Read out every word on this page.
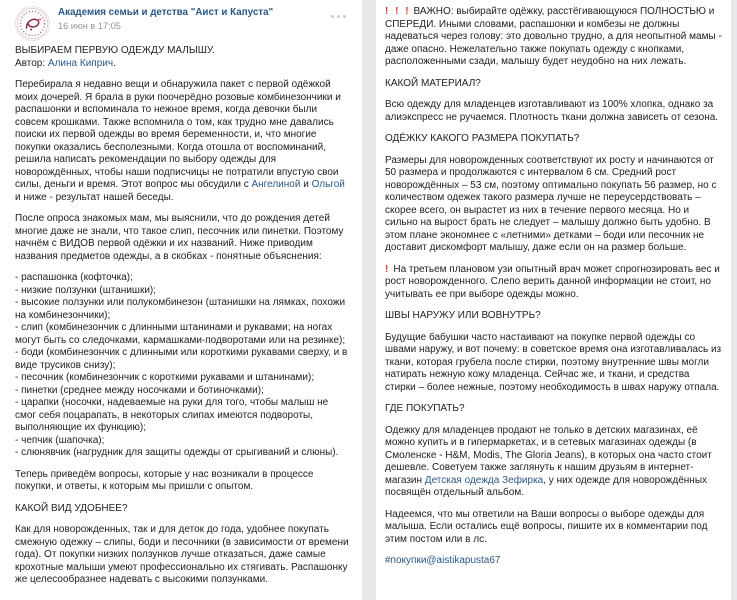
Академия семьи и детства "Аист и Капуста"
16 июн в 17:05

ВЫБИРАЕМ ПЕРВУЮ ОДЕЖДУ МАЛЫШУ.

Автор: Алина Киприч.

Перебирала я недавно вещи и обнаружила пакет с первой одёжкой моих дочерей. Я брала в руки поочерёдно розовые комбинезончики и распашонки и вспоминала то нежное время, когда девочки были совсем крошками. Также вспомнила о том, как трудно мне давались поиски их первой одежды во время беременности, и, что многие покупки оказались бесполезными. Когда отошла от воспоминаний, решила написать рекомендации по выбору одежды для новорождённых, чтобы наши подписчицы не потратили впустую свои силы, деньги и время. Этот вопрос мы обсудили с Ангелиной и Ольгой и ниже - результат нашей беседы.

После опроса знакомых мам, мы выяснили, что до рождения детей многие даже не знали, что такое слип, песочник или пинетки. Поэтому начнём с ВИДОВ первой одёжки и их названий. Ниже приводим названия предметов одежды, а в скобках - понятные объяснения:

- распашонка (кофточка);
- низкие ползунки (штанишки);
- высокие ползунки или полукомбинезон (штанишки на лямках, похожи на комбинезончики);
- слип (комбинезончик с длинными штанинами и рукавами; на ногах могут быть со следочками, кармашками-подворотами или на резинке);
- боди (комбинезончик с длинными или короткими рукавами сверху, и в виде трусиков снизу);
- песочник (комбинезончик с короткими рукавами и штанинами);
- пинетки (среднее между носочками и ботиночками);
- царапки (носочки, надеваемые на руки для того, чтобы малыш не смог себя поцарапать, в некоторых слипах имеются подвороты, выполняющие их функцию);
- чепчик (шапочка);
- слюнявчик (нагрудник для защиты одежды от срыгиваний и слюны).

Теперь приведём вопросы, которые у нас возникали в процессе покупки, и ответы, к которым мы пришли с опытом.

КАКОЙ ВИД УДОБНЕЕ?

Как для новорожденных, так и для деток до года, удобнее покупать смежную одежку – слипы, боди и песочники (в зависимости от времени года). От покупки низких ползунков лучше отказаться, даже самые крохотные малыши умеют профессионально их стягивать. Распашонку же целесообразнее надевать с высокими ползунками.

! ! ! ВАЖНО: выбирайте одёжку, расстёгивающуюся ПОЛНОСТЬЮ и СПЕРЕДИ. Иными словами, распашонки и комбезы не должны надеваться через голову: это довольно трудно, а для неопытной мамы - даже опасно. Нежелательно также покупать одежду с кнопками, расположенными сзади, малышу будет неудобно на них лежать.

КАКОЙ МАТЕРИАЛ?

Всю одежду для младенцев изготавливают из 100% хлопка, однако за алиэкспресс не ручаемся. Плотность ткани должна зависеть от сезона.

ОДЁЖКУ КАКОГО РАЗМЕРА ПОКУПАТЬ?

Размеры для новорожденных соответствуют их росту и начинаются от 50 размера и продолжаются с интервалом 6 см. Средний рост новорождённых – 53 см, поэтому оптимально покупать 56 размер, но с количеством одежек такого размера лучше не переусердствовать – скорее всего, он вырастет из них в течение первого месяца. Но и сильно на вырост брать не следует – малышу должно быть удобно. В этом плане экономнее с «летними» детками – боди или песочник не доставит дискомфорт малышу, даже если он на размер больше.

! На третьем плановом узи опытный врач может спрогнозировать вес и рост новорожденного. Слепо верить данной информации не стоит, но учитывать ее при выборе одежды можно.

ШВЫ НАРУЖУ ИЛИ ВОВНУТРЬ?

Будущие бабушки часто настаивают на покупке первой одежды со швами наружу, и вот почему: в советское время она изготавливалась из ткани, которая грубела после стирки, поэтому внутренние швы могли натирать нежную кожу младенца. Сейчас же, и ткани, и средства стирки – более нежные, поэтому необходимость в швах наружу отпала.

ГДЕ ПОКУПАТЬ?

Одежку для младенцев продают не только в детских магазинах, её можно купить и в гипермаркетах, и в сетевых магазинах одежды (в Смоленске - H&M, Modis, The Gloria Jeans), в которых она часто стоит дешевле. Советуем также заглянуть к нашим друзьям в интернет-магазин Детская одежда Зефирка, у них одежде для новорождённых посвящён отдельный альбом.

Надеемся, что мы ответили на Ваши вопросы о выборе одежды для малыша. Если остались ещё вопросы, пишите их в комментарии под этим постом или в лс.

#покупки@aistikapusta67
